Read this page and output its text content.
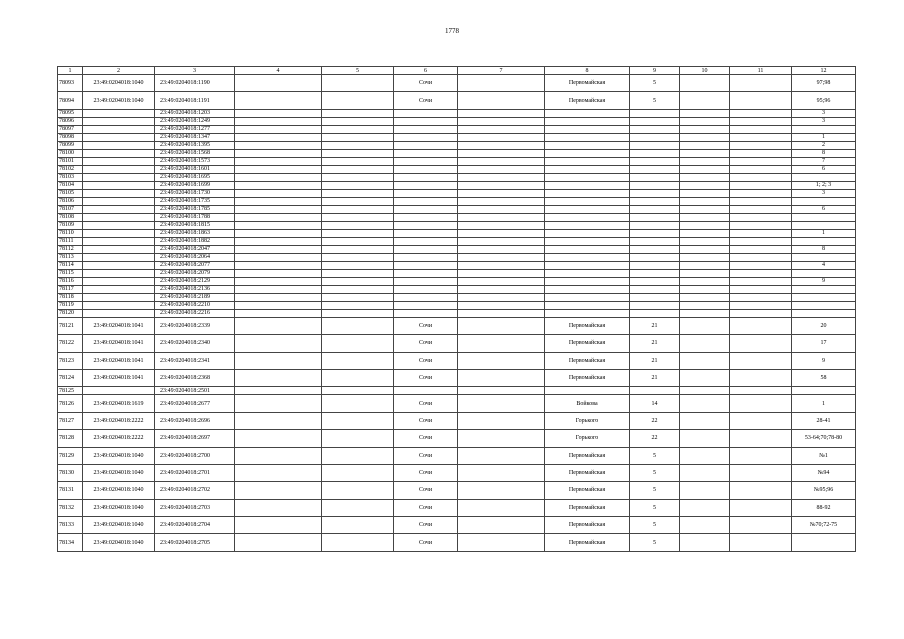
1778
1	2	3	4	5	6	7	8	9	10	11	12
78093	23:49:0204018:1040	23:49:0204018:1190			Сочи		Первомайская	5			97;98
78094	23:49:0204018:1040	23:49:0204018:1191			Сочи		Первомайская	5			95;96
78095		23:49:0204018:1203									3
78096		23:49:0204018:1249									3
78097		23:49:0204018:1277									
78098		23:49:0204018:1347									1
78099		23:49:0204018:1395									2
78100		23:49:0204018:1568									8
78101		23:49:0204018:1573									7
78102		23:49:0204018:1601									6
78103		23:49:0204018:1695									
78104		23:49:0204018:1699									1; 2; 3
78105		23:49:0204018:1730									3
78106		23:49:0204018:1735									
78107		23:49:0204018:1785									6
78108		23:49:0204018:1788									
78109		23:49:0204018:1815									
78110		23:49:0204018:1863									1
78111		23:49:0204018:1882									
78112		23:49:0204018:2047									8
78113		23:49:0204018:2064									
78114		23:49:0204018:2077									4
78115		23:49:0204018:2079									
78116		23:49:0204018:2129									9
78117		23:49:0204018:2136									
78118		23:49:0204018:2189									
78119		23:49:0204018:2210									
78120		23:49:0204018:2216									
78121	23:49:0204018:1041	23:49:0204018:2339			Сочи		Первомайская	21			20
78122	23:49:0204018:1041	23:49:0204018:2340			Сочи		Первомайская	21			17
78123	23:49:0204018:1041	23:49:0204018:2341			Сочи		Первомайская	21			9
78124	23:49:0204018:1041	23:49:0204018:2368			Сочи		Первомайская	21			58
78125		23:49:0204018:2501									
78126	23:49:0204018:1619	23:49:0204018:2677			Сочи		Войкова	14			1
78127	23:49:0204018:2222	23:49:0204018:2696			Сочи		Горького	22			28-41
78128	23:49:0204018:2222	23:49:0204018:2697			Сочи		Горького	22			53-64;70;78-80
78129	23:49:0204018:1040	23:49:0204018:2700			Сочи		Первомайская	5			№1
78130	23:49:0204018:1040	23:49:0204018:2701			Сочи		Первомайская	5			№94
78131	23:49:0204018:1040	23:49:0204018:2702			Сочи		Первомайская	5			№95;96
78132	23:49:0204018:1040	23:49:0204018:2703			Сочи		Первомайская	5			88-92
78133	23:49:0204018:1040	23:49:0204018:2704			Сочи		Первомайская	5			№70;72-75
78134	23:49:0204018:1040	23:49:0204018:2705			Сочи		Первомайская	5			
